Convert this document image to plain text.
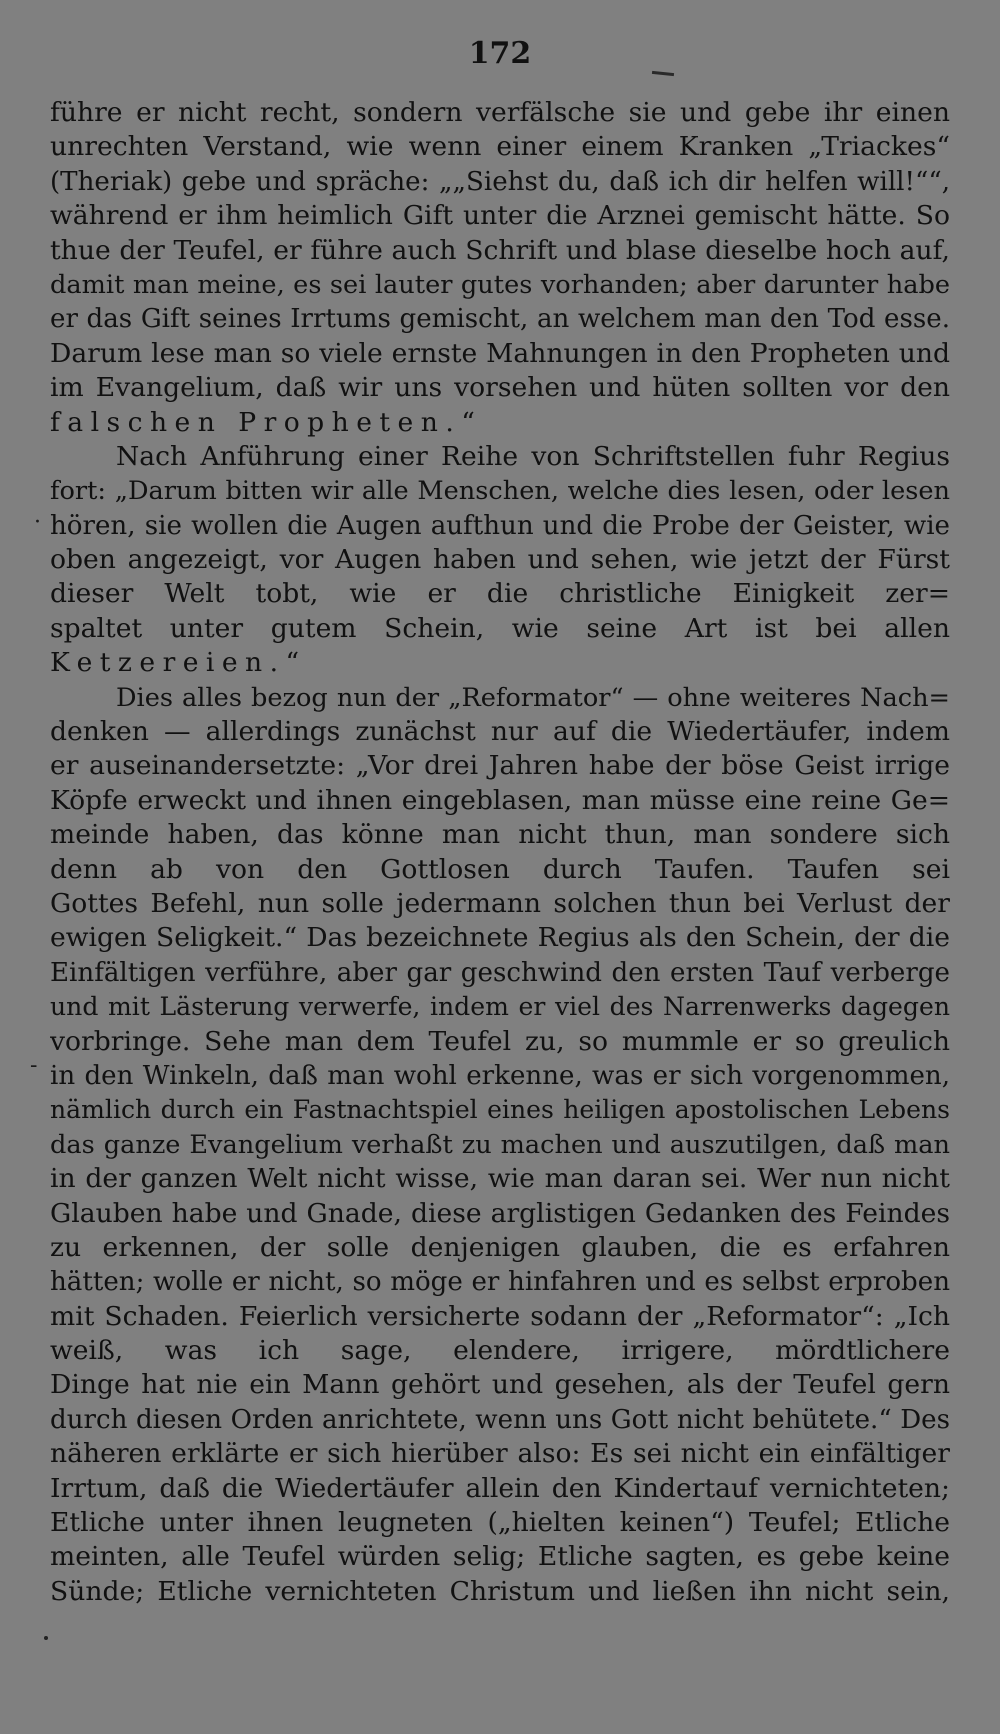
172
führe er nicht recht, sondern verfälsche sie und gebe ihr einen
unrechten Verstand, wie wenn einer einem Kranken „Triackes“
(Theriak) gebe und spräche: „„Siehst du, daß ich dir helfen will!““,
während er ihm heimlich Gift unter die Arznei gemischt hätte. So
thue der Teufel, er führe auch Schrift und blase dieselbe hoch auf,
damit man meine, es sei lauter gutes vorhanden; aber darunter habe
er das Gift seines Irrtums gemischt, an welchem man den Tod esse.
Darum lese man so viele ernste Mahnungen in den Propheten und
im Evangelium, daß wir uns vorsehen und hüten sollten vor den
falschen Propheten.“
Nach Anführung einer Reihe von Schriftstellen fuhr Regius
fort: „Darum bitten wir alle Menschen, welche dies lesen, oder lesen
hören, sie wollen die Augen aufthun und die Probe der Geister, wie
oben angezeigt, vor Augen haben und sehen, wie jetzt der Fürst
dieser Welt tobt, wie er die christliche Einigkeit zer=
spaltet unter gutem Schein, wie seine Art ist bei allen
Ketzereien.“
Dies alles bezog nun der „Reformator“ — ohne weiteres Nach=
denken — allerdings zunächst nur auf die Wiedertäufer, indem
er auseinandersetzte: „Vor drei Jahren habe der böse Geist irrige
Köpfe erweckt und ihnen eingeblasen, man müsse eine reine Ge=
meinde haben, das könne man nicht thun, man sondere sich
denn ab von den Gottlosen durch Taufen. Taufen sei
Gottes Befehl, nun solle jedermann solchen thun bei Verlust der
ewigen Seligkeit.“ Das bezeichnete Regius als den Schein, der die
Einfältigen verführe, aber gar geschwind den ersten Tauf verberge
und mit Lästerung verwerfe, indem er viel des Narrenwerks dagegen
vorbringe. Sehe man dem Teufel zu, so mummle er so greulich
in den Winkeln, daß man wohl erkenne, was er sich vorgenommen,
nämlich durch ein Fastnachtspiel eines heiligen apostolischen Lebens
das ganze Evangelium verhaßt zu machen und auszutilgen, daß man
in der ganzen Welt nicht wisse, wie man daran sei. Wer nun nicht
Glauben habe und Gnade, diese arglistigen Gedanken des Feindes
zu erkennen, der solle denjenigen glauben, die es erfahren
hätten; wolle er nicht, so möge er hinfahren und es selbst erproben
mit Schaden. Feierlich versicherte sodann der „Reformator“: „Ich
weiß, was ich sage, elendere, irrigere, mördtlichere
Dinge hat nie ein Mann gehört und gesehen, als der Teufel gern
durch diesen Orden anrichtete, wenn uns Gott nicht behütete.“ Des
näheren erklärte er sich hierüber also: Es sei nicht ein einfältiger
Irrtum, daß die Wiedertäufer allein den Kindertauf vernichteten;
Etliche unter ihnen leugneten („hielten keinen“) Teufel; Etliche
meinten, alle Teufel würden selig; Etliche sagten, es gebe keine
Sünde; Etliche vernichteten Christum und ließen ihn nicht sein,
·
-
